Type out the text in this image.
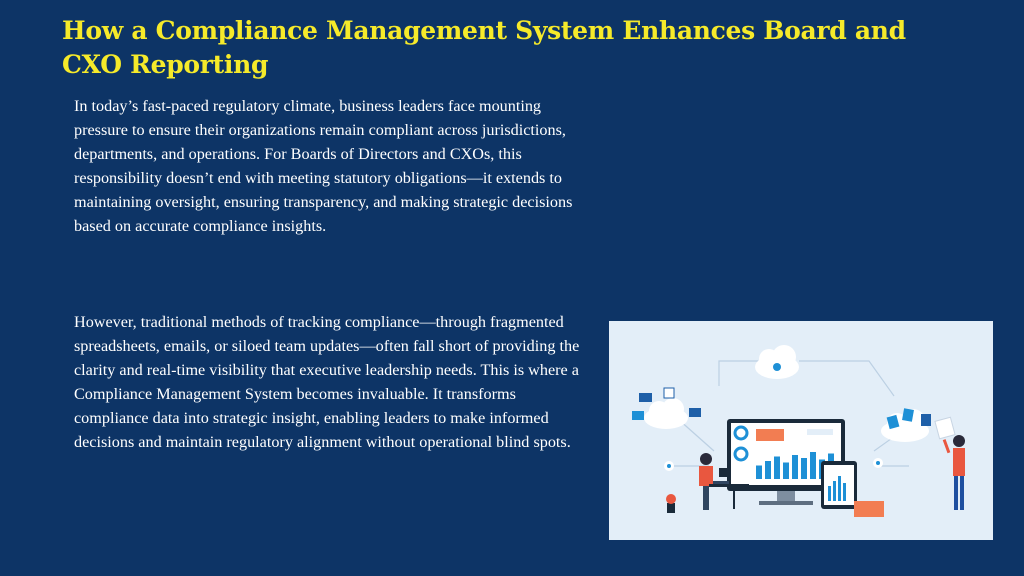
How a Compliance Management System Enhances Board and CXO Reporting
In today’s fast-paced regulatory climate, business leaders face mounting pressure to ensure their organizations remain compliant across jurisdictions, departments, and operations. For Boards of Directors and CXOs, this responsibility doesn’t end with meeting statutory obligations—it extends to maintaining oversight, ensuring transparency, and making strategic decisions based on accurate compliance insights.
However, traditional methods of tracking compliance—through fragmented spreadsheets, emails, or siloed team updates—often fall short of providing the clarity and real-time visibility that executive leadership needs. This is where a Compliance Management System becomes invaluable. It transforms compliance data into strategic insight, enabling leaders to make informed decisions and maintain regulatory alignment without operational blind spots.
